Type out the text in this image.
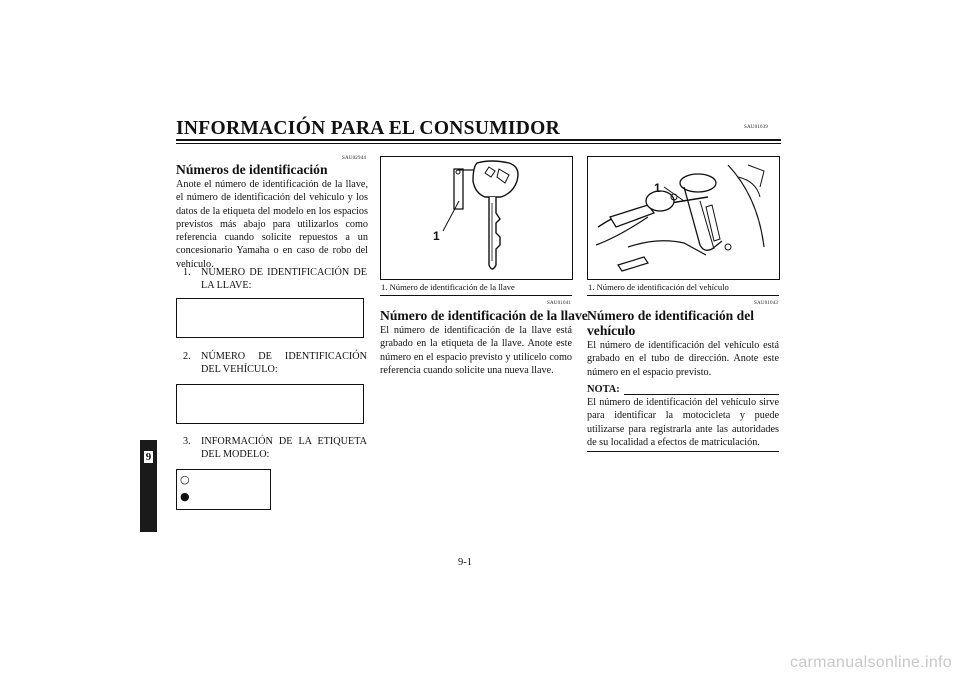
INFORMACIÓN PARA EL CONSUMIDOR	SAU01039
SAU02944
Números de identificación
Anote el número de identificación de la llave, el número de identificación del vehículo y los datos de la etiqueta del modelo en los espacios previstos más abajo para utilizarlos como referencia cuando solicite repuestos a un concesionario Yamaha o en caso de robo del vehículo.
1. NÚMERO DE IDENTIFICACIÓN DE LA LLAVE:
2. NÚMERO DE IDENTIFICACIÓN DEL VEHÍCULO:
3. INFORMACIÓN DE LA ETIQUETA DEL MODELO:
○
●
9
1
1. Número de identificación de la llave
SAU01041
Número de identificación de la llave
El número de identificación de la llave está grabado en la etiqueta de la llave. Anote este número en el espacio previsto y utilícelo como referencia cuando solicite una nueva llave.
1
1. Número de identificación del vehículo
SAU01043
Número de identificación del vehículo
El número de identificación del vehículo está grabado en el tubo de dirección. Anote este número en el espacio previsto.
NOTA:
El número de identificación del vehículo sirve para identificar la motocicleta y puede utilizarse para registrarla ante las autoridades de su localidad a efectos de matriculación.
9-1
carmanualsonline.info
